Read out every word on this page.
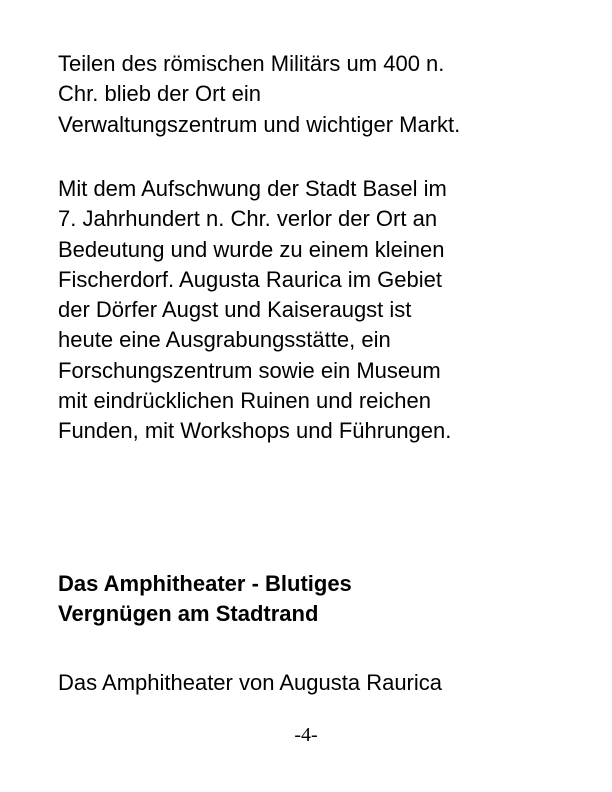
Teilen des römischen Militärs um 400 n.
Chr. blieb der Ort ein
Verwaltungszentrum und wichtiger Markt.

Mit dem Aufschwung der Stadt Basel im
7. Jahrhundert n. Chr. verlor der Ort an
Bedeutung und wurde zu einem kleinen
Fischerdorf. Augusta Raurica im Gebiet
der Dörfer Augst und Kaiseraugst ist
heute eine Ausgrabungsstätte, ein
Forschungszentrum sowie ein Museum
mit eindrücklichen Ruinen und reichen
Funden, mit Workshops und Führungen.

Das Amphitheater - Blutiges
Vergnügen am Stadtrand

Das Amphitheater von Augusta Raurica

-4-
